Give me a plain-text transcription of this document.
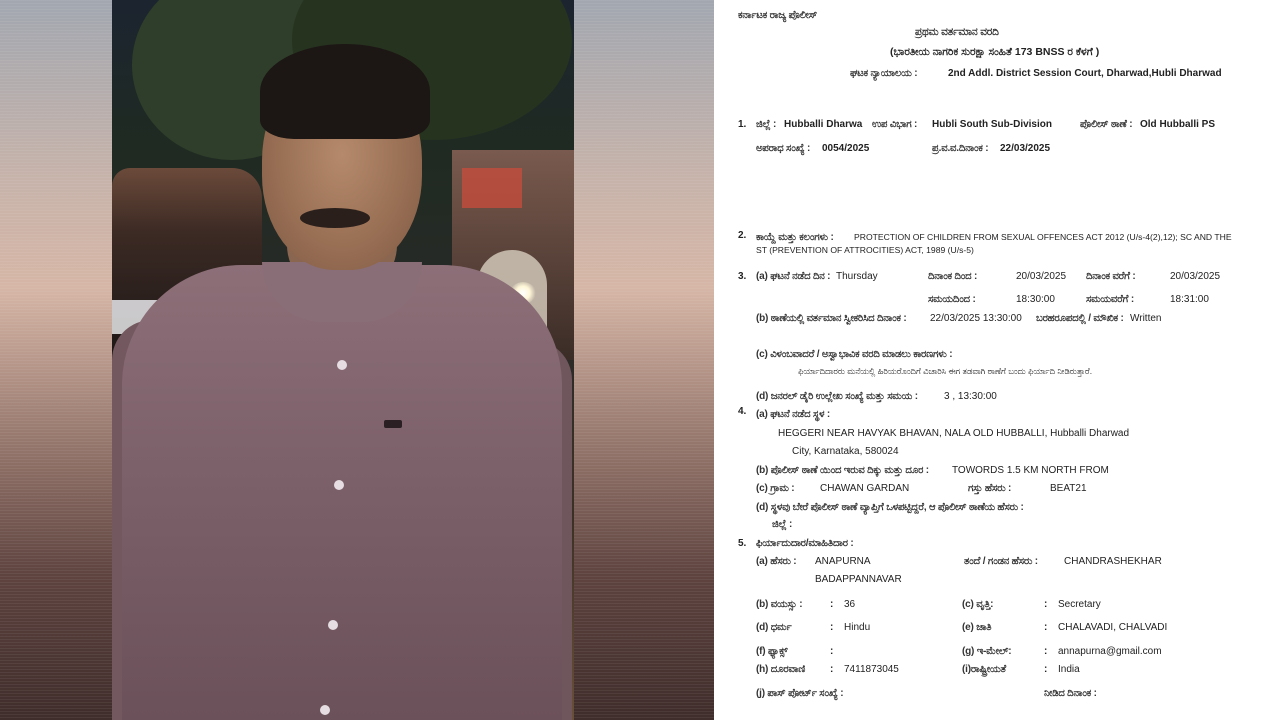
ಕರ್ನಾಟಕ ರಾಜ್ಯ ಪೊಲೀಸ್
ಪ್ರಥಮ ವರ್ತಮಾನ ವರದಿ
(ಭಾರತೀಯ ನಾಗರಿಕ ಸುರಕ್ಷಾ ಸಂಹಿತೆ 173 BNSS ರ ಕೆಳಗೆ )
ಘಟಕ ನ್ಯಾಯಾಲಯ :	2nd Addl. District Session Court, Dharwad,Hubli Dharwad
1. ಜಿಲ್ಲೆ : Hubballi Dharwa ಉಪ ವಿಭಾಗ : Hubli South Sub-Division	ಪೊಲೀಸ್ ಠಾಣೆ : Old Hubballi PS
ಅಪರಾಧ ಸಂಖ್ಯೆ : 0054/2025	ಪ್ರ.ವ.ವ.ದಿನಾಂಕ : 22/03/2025
2. ಕಾಯ್ದೆ ಮತ್ತು ಕಲಂಗಳು : PROTECTION OF CHILDREN FROM SEXUAL OFFENCES ACT 2012 (U/s-4(2),12); SC AND THE
ST (PREVENTION OF ATTROCITIES) ACT, 1989 (U/s-5)
3. (a) ಘಟನೆ ನಡೆದ ದಿನ : Thursday	ದಿನಾಂಕ ದಿಂದ :	20/03/2025 ದಿನಾಂಕ ವರೆಗೆ :	20/03/2025
ಸಮಯದಿಂದ :	18:30:00	ಸಮಯವರೆಗೆ :	18:31:00
(b) ಠಾಣೆಯಲ್ಲಿ ವರ್ತಮಾನ ಸ್ವೀಕರಿಸಿದ ದಿನಾಂಕ : 22/03/2025 13:30:00 ಬರಹರೂಪದಲ್ಲಿ / ಮೌಖಿಕ : Written
(c) ವಿಳಂಬವಾದರೆ / ಅಸ್ವಾಭಾವಿಕ ವರದಿ ಮಾಡಲು ಕಾರಣಗಳು :
ಫಿರ್ಯಾದಿದಾರರು ಮನೆಯಲ್ಲಿ ಹಿರಿಯರೊಂದಿಗೆ ವಿಚಾರಿಸಿ ಈಗ ತಡವಾಗಿ ಠಾಣೆಗೆ ಬಂದು ಫಿರ್ಯಾದಿ ನೀಡಿರುತ್ತಾರೆ.
(d) ಜನರಲ್ ಡೈರಿ ಉಲ್ಲೇಖ ಸಂಖ್ಯೆ ಮತ್ತು ಸಮಯ :	3 , 13:30:00
4. (a) ಘಟನೆ ನಡೆದ ಸ್ಥಳ :
HEGGERI NEAR HAVYAK BHAVAN, NALA OLD HUBBALLI, Hubballi Dharwad
City, Karnataka, 580024
(b) ಪೊಲೀಸ್ ಠಾಣೆ ಯಿಂದ ಇರುವ ದಿಕ್ಕು ಮತ್ತು ದೂರ : TOWORDS 1.5 KM NORTH FROM
(c) ಗ್ರಾಮ :	CHAWAN GARDAN	ಗಸ್ತು ಹೆಸರು :	BEAT21
(d) ಸ್ಥಳವು ಬೇರೆ ಪೊಲೀಸ್ ಠಾಣೆ ವ್ಯಾಪ್ತಿಗೆ ಒಳಪಟ್ಟಿದ್ದರೆ, ಆ ಪೊಲೀಸ್ ಠಾಣೆಯ ಹೆಸರು :
ಜಿಲ್ಲೆ :
5. ಫಿರ್ಯಾದುದಾರ/ಮಾಹಿತಿದಾರ :
(a) ಹೆಸರು : ANAPURNA
BADAPPANNAVAR
ತಂದೆ / ಗಂಡನ ಹೆಸರು :	CHANDRASHEKHAR
(b) ವಯಸ್ಸು :	: 36	(c) ವೃತ್ತಿ:	: Secretary
(d) ಧರ್ಮ	: Hindu	(e) ಜಾತಿ	: CHALAVADI, CHALVADI
(f) ಫ್ಯಾಕ್ಸ್	:	(g) ಇ-ಮೇಲ್:	: annapurna@gmail.com
(h) ದೂರವಾಣಿ : 7411873045	(i)ರಾಷ್ಟ್ರೀಯತೆ	: India
(j) ಪಾಸ್ ಪೋರ್ಟ್ ಸಂಖ್ಯೆ :	ನೀಡಿದ ದಿನಾಂಕ :
